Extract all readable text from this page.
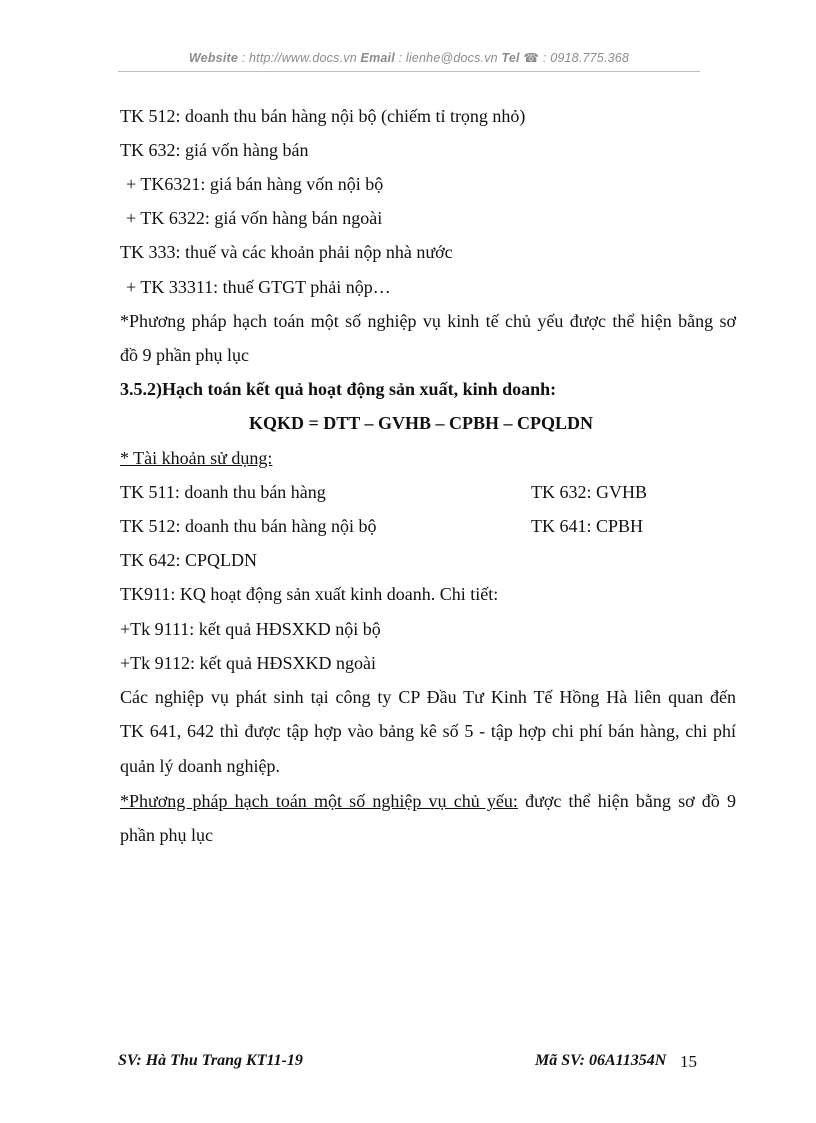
Website : http://www.docs.vn Email : lienhe@docs.vn Tel ☎ : 0918.775.368
TK 512: doanh thu bán hàng nội bộ (chiếm tỉ trọng nhỏ)
TK 632: giá vốn hàng bán
+ TK6321: giá bán hàng vốn nội bộ
+ TK 6322: giá vốn hàng bán ngoài
TK 333: thuế và các khoản phải nộp nhà nước
+ TK 33311: thuế GTGT phải nộp…
*Phương pháp hạch toán một số nghiệp vụ kinh tế chủ yếu được thể hiện bằng sơ
đồ 9 phần phụ lục
3.5.2)Hạch toán kết quả hoạt động sản xuất, kinh doanh:
KQKD = DTT – GVHB – CPBH – CPQLDN
* Tài khoản sử dụng:
TK 511: doanh thu bán hàng	TK 632: GVHB
TK 512: doanh thu bán hàng nội bộ	TK 641: CPBH
TK 642: CPQLDN
TK911: KQ hoạt động sản xuất kinh doanh. Chi tiết:
+Tk 9111: kết quả HĐSXKD nội bộ
+Tk 9112: kết quả HĐSXKD ngoài
Các nghiệp vụ phát sinh tại công ty CP Đầu Tư Kinh Tế Hồng Hà liên quan đến
TK 641, 642 thì được tập hợp vào bảng kê số 5 - tập hợp chi phí bán hàng, chi phí
quản lý doanh nghiệp.
*Phương pháp hạch toán một số nghiệp vụ chủ yếu: được thể hiện bằng sơ đồ 9
phần phụ lục
SV: Hà Thu Trang KT11-19	Mã SV: 06A11354N 15
